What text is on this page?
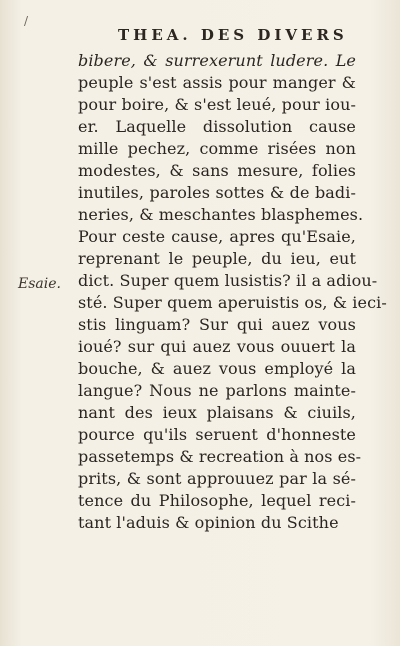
/
THEA. DES DIVERS
Esaie.
bibere, & surrexerunt ludere. Le
peuple s'est assis pour manger &
pour boire, & s'est leué, pour iou-
er. Laquelle dissolution cause
mille pechez, comme risées non
modestes, & sans mesure, folies
inutiles, paroles sottes & de badi-
neries, & meschantes blasphemes.
Pour ceste cause, apres qu'Esaie,
reprenant le peuple, du ieu, eut
dict. Super quem lusistis? il a adiou-
sté. Super quem aperuistis os, & ieci-
stis linguam? Sur qui auez vous
ioué? sur qui auez vous ouuert la
bouche, & auez vous employé la
langue? Nous ne parlons mainte-
nant des ieux plaisans & ciuils,
pource qu'ils seruent d'honneste
passetemps & recreation à nos es-
prits, & sont approuuez par la sé-
tence du Philosophe, lequel reci-
tant l'aduis & opinion du Scithe
